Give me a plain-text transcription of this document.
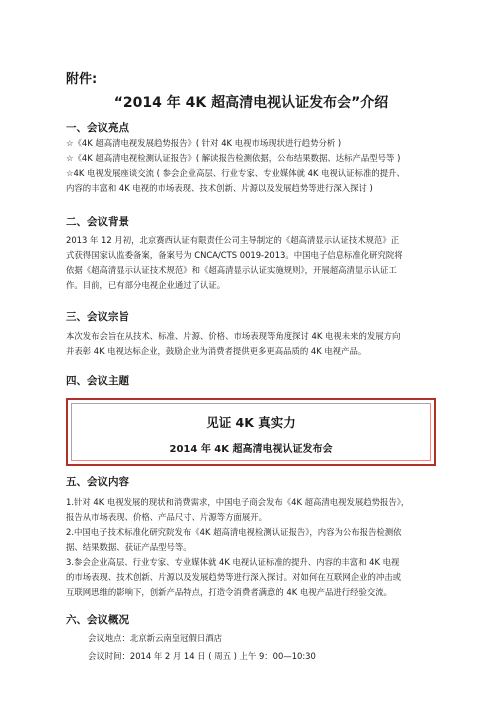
附件:
“2014 年 4K 超高清电视认证发布会”介绍
一、会议亮点
☆《4K 超高清电视发展趋势报告》( 针对 4K 电视市场现状进行趋势分析 )
☆《4K 超高清电视检测认证报告》( 解读报告检测依据，公布结果数据、达标产品型号等 )
☆4K 电视发展座谈交流 ( 参会企业高层、行业专家、专业媒体就 4K 电视认证标准的提升、
内容的丰富和 4K 电视的市场表现、技术创新、片源以及发展趋势等进行深入探讨 )
二、会议背景
2013 年 12 月初，北京赛西认证有限责任公司主导制定的《超高清显示认证技术规范》正
式获得国家认监委备案，备案号为 CNCA/CTS 0019-2013。中国电子信息标准化研究院将
依据《超高清显示认证技术规范》和《超高清显示认证实施规则》，开展超高清显示认证工
作。目前，已有部分电视企业通过了认证。
三、会议宗旨
本次发布会旨在从技术、标准、片源、价格、市场表现等角度探讨 4K 电视未来的发展方向
并表彰 4K 电视达标企业，鼓励企业为消费者提供更多更高品质的 4K 电视产品。
四、会议主题
见证 4K 真实力
2014 年 4K 超高清电视认证发布会
五、会议内容
1.针对 4K 电视发展的现状和消费需求，中国电子商会发布《4K 超高清电视发展趋势报告》，
报告从市场表现、价格、产品尺寸、片源等方面展开。
2.中国电子技术标准化研究院发布《4K 超高清电视检测认证报告》，内容为公布报告检测依
据、结果数据、获证产品型号等。
3.参会企业高层、行业专家、专业媒体就 4K 电视认证标准的提升、内容的丰富和 4K 电视
的市场表现、技术创新、片源以及发展趋势等进行深入探讨。对如何在互联网企业的冲击或
互联网思维的影响下，创新产品特点，打造令消费者满意的 4K 电视产品进行经验交流。
六、会议概况
会议地点：北京新云南皇冠假日酒店
会议时间：2014 年 2 月 14 日 ( 周五 ) 上午 9：00—10:30
